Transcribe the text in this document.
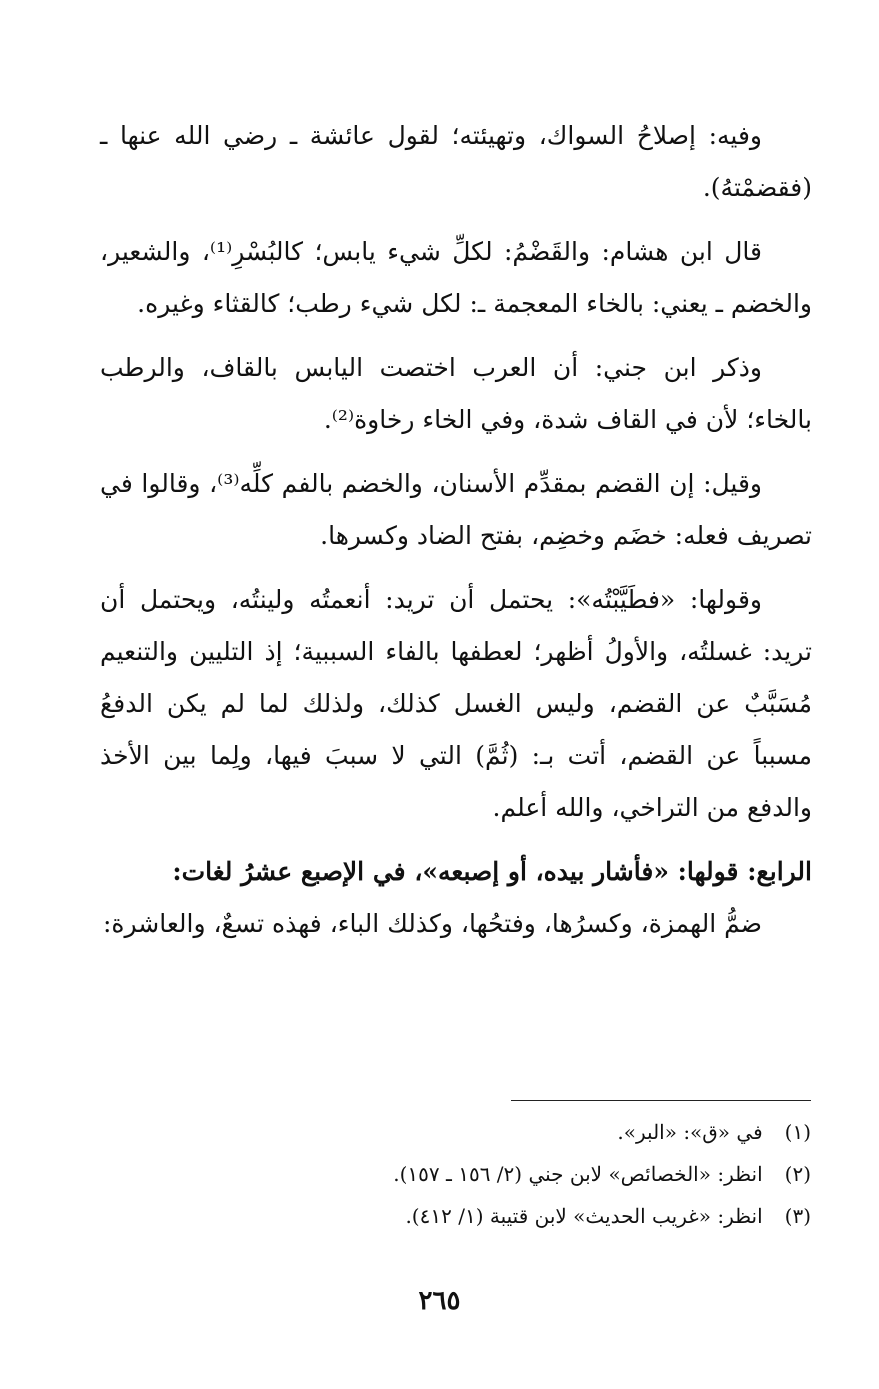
وفيه: إصلاحُ السواك، وتهيئته؛ لقول عائشة ـ رضي الله عنها ـ (فقضمْتهُ).

قال ابن هشام: والقَضْمُ: لكلِّ شيء يابس؛ كالبُسْرِ⁽¹⁾، والشعير، والخضم ـ يعني: بالخاء المعجمة ـ: لكل شيء رطب؛ كالقثاء وغيره.

وذكر ابن جني: أن العرب اختصت اليابس بالقاف، والرطب بالخاء؛ لأن في القاف شدة، وفي الخاء رخاوة⁽²⁾.

وقيل: إن القضم بمقدِّم الأسنان، والخضم بالفم كلِّه⁽³⁾، وقالوا في تصريف فعله: خضَم وخضِم، بفتح الضاد وكسرها.

وقولها: «فطَيَّبْتُه»: يحتمل أن تريد: أنعمتُه ولينتُه، ويحتمل أن تريد: غسلتُه، والأولُ أظهر؛ لعطفها بالفاء السببية؛ إذ التليين والتنعيم مُسَبَّبٌ عن القضم، وليس الغسل كذلك، ولذلك لما لم يكن الدفعُ مسبباً عن القضم، أتت بـ: (ثُمَّ) التي لا سببَ فيها، ولِما بين الأخذ والدفع من التراخي، والله أعلم.

الرابع: قولها: «فأشار بيده، أو إصبعه»، في الإصبع عشرُ لغات:

ضمُّ الهمزة، وكسرُها، وفتحُها، وكذلك الباء، فهذه تسعٌ، والعاشرة:

(١) في «ق»: «البر».
(٢) انظر: «الخصائص» لابن جني (٢/ ١٥٦ ـ ١٥٧).
(٣) انظر: «غريب الحديث» لابن قتيبة (١/ ٤١٢).
٢٦٥
